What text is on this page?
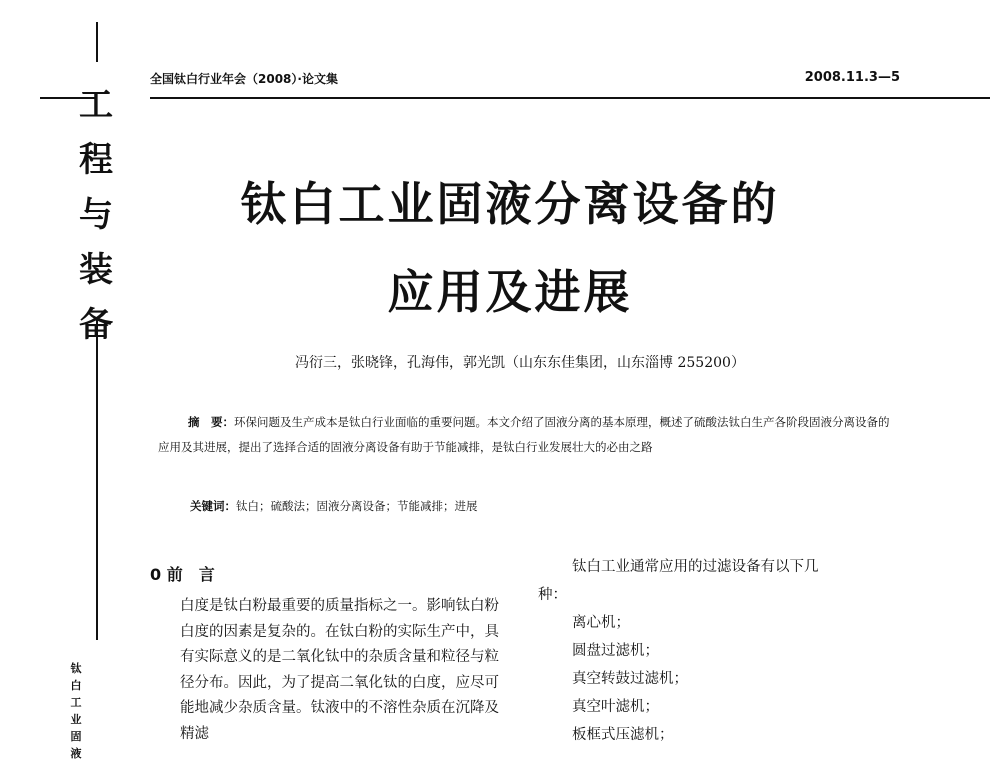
工
程
与
装
备
钛
白
工
业
固
液
全国钛白行业年会（2008）·论文集	2008.11.3—5
钛白工业固液分离设备的
应用及进展
冯衍三，张晓锋，孔海伟，郭光凯（山东东佳集团，山东淄博 255200）
摘　要：环保问题及生产成本是钛白行业面临的重要问题。本文介绍了固液分离的基本原理，概述了硫酸法钛白生产各阶段固液分离设备的应用及其进展，提出了选择合适的固液分离设备有助于节能减排，是钛白行业发展壮大的必由之路
关键词：钛白；硫酸法；固液分离设备；节能减排；进展
0 前　言

白度是钛白粉最重要的质量指标之一。影响钛白粉白度的因素是复杂的。在钛白粉的实际生产中，具有实际意义的是二氧化钛中的杂质含量和粒径与粒径分布。因此，为了提高二氧化钛的白度，应尽可能地减少杂质含量。钛液中的不溶性杂质在沉降及精滤

钛白工业通常应用的过滤设备有以下几

种：

离心机；
圆盘过滤机；
真空转鼓过滤机；
真空叶滤机；
板框式压滤机；
